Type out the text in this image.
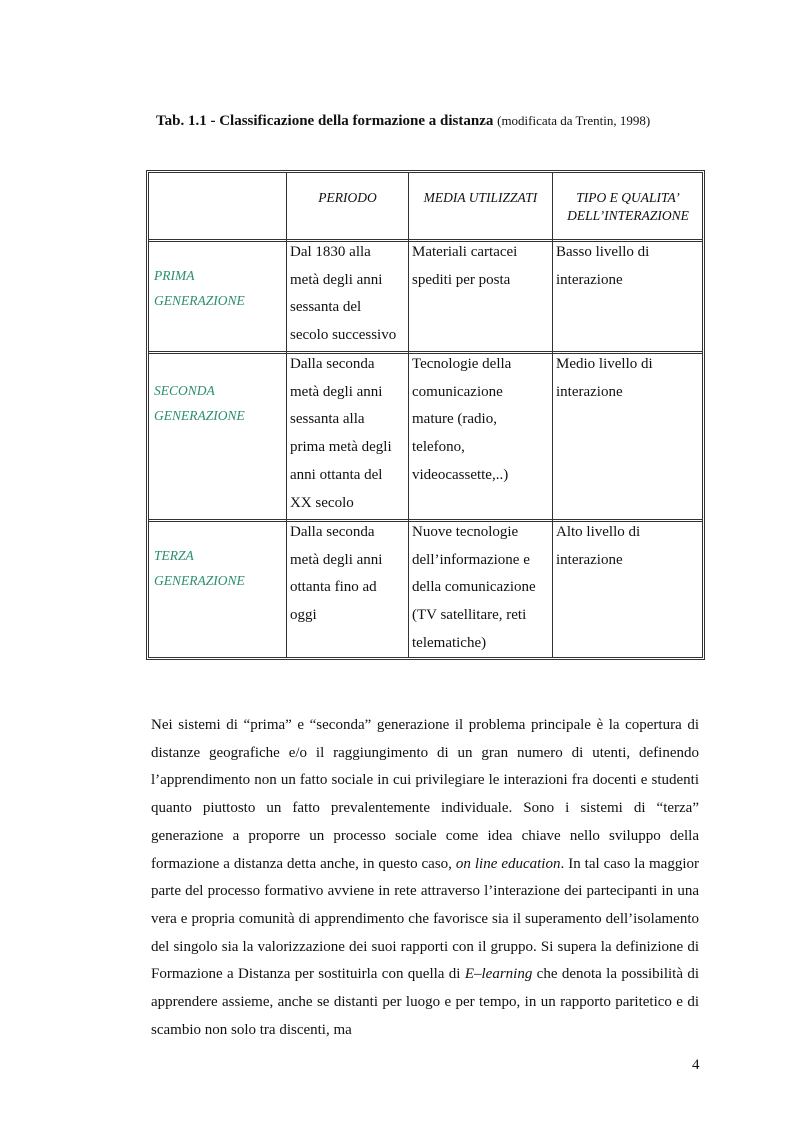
Tab. 1.1 - Classificazione della formazione a distanza (modificata da Trentin, 1998)
PERIODO	MEDIA UTILIZZATI	TIPO E QUALITA’
DELL’INTERAZIONE
PRIMA
GENERAZIONE
Dal 1830 alla
metà degli anni
sessanta del
secolo successivo
Materiali cartacei
spediti per posta
Basso livello di
interazione
SECONDA
GENERAZIONE
Dalla seconda
metà degli anni
sessanta alla
prima metà degli
anni ottanta del
XX secolo
Tecnologie della
comunicazione
mature (radio,
telefono,
videocassette,..)
Medio livello di
interazione
TERZA
GENERAZIONE
Dalla seconda
metà degli anni
ottanta fino ad
oggi
Nuove tecnologie
dell’informazione e
della comunicazione
(TV satellitare, reti
telematiche)
Alto livello di
interazione

Nei sistemi di “prima” e “seconda” generazione il problema principale è la copertura di distanze geografiche e/o il raggiungimento di un gran numero di utenti, definendo l’apprendimento non un fatto sociale in cui privilegiare le interazioni fra docenti e studenti quanto piuttosto un fatto prevalentemente individuale. Sono i sistemi di “terza” generazione a proporre un processo sociale come idea chiave nello sviluppo della formazione a distanza detta anche, in questo caso, on line education. In tal caso la maggior parte del processo formativo avviene in rete attraverso l’interazione dei partecipanti in una vera e propria comunità di apprendimento che favorisce sia il superamento dell’isolamento del singolo sia la valorizzazione dei suoi rapporti con il gruppo. Si supera la definizione di Formazione a Distanza per sostituirla con quella di E–learning che denota la possibilità di apprendere assieme, anche se distanti per luogo e per tempo, in un rapporto paritetico e di scambio non solo tra discenti, ma

4
